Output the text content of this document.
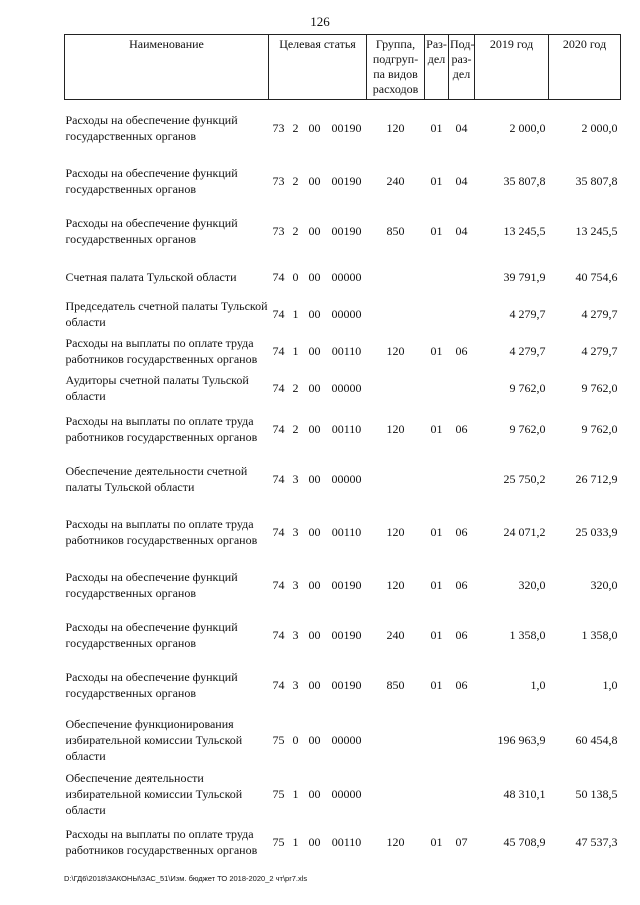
126
Наименование	Целевая статья				Группа, подгруп-па видов расходов	Раз-дел	Под-раз-дел	2019 год	2020 год
Расходы на обеспечение функций государственных органов	73	2	00	00190	120	01	04	2 000,0	2 000,0
Расходы на обеспечение функций государственных органов	73	2	00	00190	240	01	04	35 807,8	35 807,8
Расходы на обеспечение функций государственных органов	73	2	00	00190	850	01	04	13 245,5	13 245,5
Счетная палата Тульской области	74	0	00	00000				39 791,9	40 754,6
Председатель счетной палаты Тульской области	74	1	00	00000				4 279,7	4 279,7
Расходы на выплаты по оплате труда работников государственных органов	74	1	00	00110	120	01	06	4 279,7	4 279,7
Аудиторы счетной палаты Тульской области	74	2	00	00000				9 762,0	9 762,0
Расходы на выплаты по оплате труда работников государственных органов	74	2	00	00110	120	01	06	9 762,0	9 762,0
Обеспечение деятельности счетной палаты Тульской области	74	3	00	00000				25 750,2	26 712,9
Расходы на выплаты по оплате труда работников государственных органов	74	3	00	00110	120	01	06	24 071,2	25 033,9
Расходы на обеспечение функций государственных органов	74	3	00	00190	120	01	06	320,0	320,0
Расходы на обеспечение функций государственных органов	74	3	00	00190	240	01	06	1 358,0	1 358,0
Расходы на обеспечение функций государственных органов	74	3	00	00190	850	01	06	1,0	1,0
Обеспечение функционирования избирательной комиссии Тульской области	75	0	00	00000				196 963,9	60 454,8
Обеспечение деятельности избирательной комиссии Тульской области	75	1	00	00000				48 310,1	50 138,5
Расходы на выплаты по оплате труда работников государственных органов	75	1	00	00110	120	01	07	45 708,9	47 537,3
D:\ГД6\2018\ЗАКОНЫ\ЗАС_51\Изм. бюджет ТО 2018-2020_2 чт\pr7.xls
